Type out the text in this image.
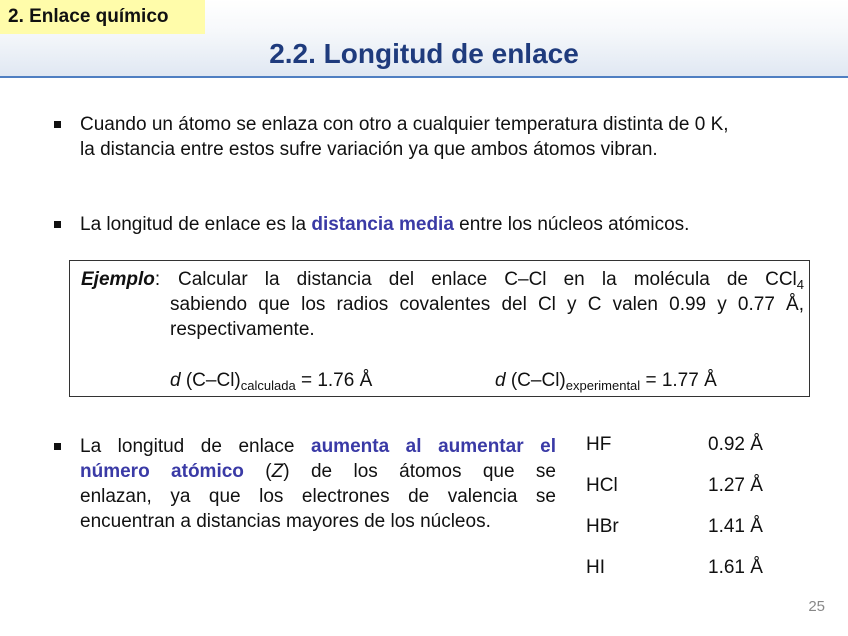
2. Enlace químico
2.2. Longitud de enlace
Cuando un átomo se enlaza con otro a cualquier temperatura distinta de 0 K,
la distancia entre estos sufre variación ya que ambos átomos vibran.
La longitud de enlace es la distancia media entre los núcleos atómicos.
Ejemplo: Calcular la distancia del enlace C–Cl en la molécula de CCl$_4$
sabiendo que los radios covalentes del Cl y C valen 0.99 y 0.77 Å,
respectivamente.
d $(C-Cl)_{calculada} = 1.76$ Å	d $(C-Cl)_{experimental} = 1.77$ Å
La longitud de enlace aumenta al aumentar el
número atómico (Z) de los átomos que se
enlazan, ya que los electrones de valencia se
encuentran a distancias mayores de los núcleos.
HF	0.92 Å
HCl	1.27 Å
HBr	1.41 Å
HI	1.61 Å
25
